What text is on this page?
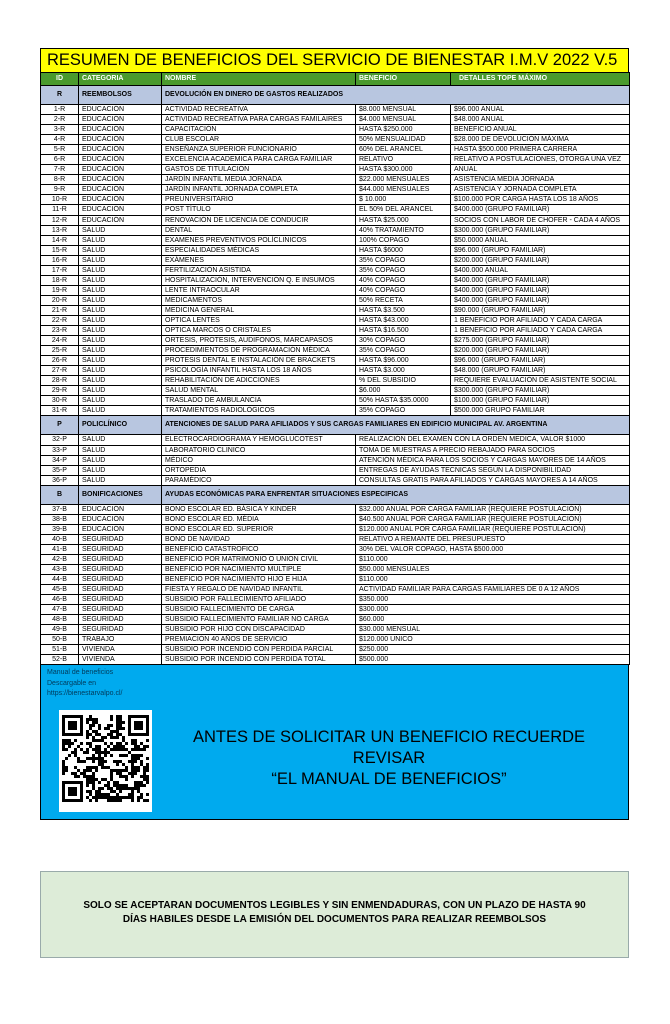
RESUMEN DE BENEFICIOS DEL SERVICIO DE BIENESTAR I.M.V 2022 V.5
ID	CATEGORIA	NOMBRE	BENEFICIO	DETALLES TOPE MÁXIMO
R	REEMBOLSOS	DEVOLUCIÓN EN DINERO DE GASTOS REALIZADOS		
1-R	EDUCACIÓN	ACTIVIDAD RECREATIVA	$8.000 MENSUAL	$96.000 ANUAL
2-R	EDUCACIÓN	ACTIVIDAD RECREATIVA PARA CARGAS FAMILAIRES	$4.000 MENSUAL	$48.000 ANUAL
3-R	EDUCACIÓN	CAPACITACIÓN	HASTA $250.000	BENEFICIO ANUAL
4-R	EDUCACIÓN	CLUB ESCOLAR	50% MENSUALIDAD	$28.000 DE DEVOLUCIÓN MÁXIMA
5-R	EDUCACIÓN	ENSEÑANZA SUPERIOR FUNCIONARIO	60% DEL ARANCEL	HASTA $500.000 PRIMERA CARRERA
6-R	EDUCACIÓN	EXCELENCIA ACADEMICA PARA CARGA FAMILIAR	RELATIVO	RELATIVO A POSTULACIONES, OTORGA UNA VEZ
7-R	EDUCACIÓN	GASTOS DE TITULACIÓN	HASTA $300.000	ANUAL
8-R	EDUCACIÓN	JARDÍN INFANTIL MEDIA JORNADA	$22.000 MENSUALES	ASISTENCIA MEDIA JORNADA
9-R	EDUCACIÓN	JARDÍN INFANTIL JORNADA COMPLETA	$44.000 MENSUALES	ASISTENCIA Y JORNADA COMPLETA
10-R	EDUCACIÓN	PREUNIVERSITARIO	$ 10.000	$100.000 POR CARGA HASTA LOS 18 AÑOS
11-R	EDUCACIÓN	POST TÍTULO	EL 50% DEL ARANCEL	$400.000 (GRUPO FAMILIAR)
12-R	EDUCACIÓN	RENOVACIÓN DE LICENCIA DE CONDUCIR	HASTA $25.000	SOCIOS CON LABOR DE CHOFER - CADA 4 AÑOS
13-R	SALUD	DENTAL	40% TRATAMIENTO	$300.000 (GRUPO FAMILIAR)
14-R	SALUD	EXAMENES PREVENTIVOS POLÍCLINICOS	100% COPAGO	$50.0000 ANUAL
15-R	SALUD	ESPECIALIDADES MÉDICAS	HASTA $6000	$96.000 (GRUPO FAMILIAR)
16-R	SALUD	EXÁMENES	35% COPAGO	$200.000 (GRUPO FAMILIAR)
17-R	SALUD	FERTILIZACIÓN ASISTIDA	35% COPAGO	$400.000 ANUAL
18-R	SALUD	HOSPITALIZACIÓN, INTERVENCIÓN Q. E INSUMOS	40% COPAGO	$400.000 (GRUPO FAMILIAR)
19-R	SALUD	LENTE INTRAOCULAR	40% COPAGO	$400.000 (GRUPO FAMILIAR)
20-R	SALUD	MEDICAMENTOS	50% RECETA	$400.000 (GRUPO FAMILIAR)
21-R	SALUD	MEDICINA GENERAL	HASTA $3.500	$90.000 (GRUPO FAMILIAR)
22-R	SALUD	OPTICA LENTES	HASTA $43.000	1 BENEFICIO POR AFILIADO Y CADA CARGA
23-R	SALUD	OPTICA MARCOS O CRISTALES	HASTA $16.500	1 BENEFICIO POR AFILIADO Y CADA CARGA
24-R	SALUD	ORTESIS, PROTESIS, AUDIFONOS, MARCAPASOS	30% COPAGO	$275.000 (GRUPO FAMILIAR)
25-R	SALUD	PROCEDIMIENTOS DE PROGRAMACIÓN MÉDICA	35% COPAGO	$200.000 (GRUPO FAMILIAR)
26-R	SALUD	PROTESIS DENTAL E INSTALACIÓN DE BRACKETS	HASTA $96.000	$96.000 (GRUPO FAMILIAR)
27-R	SALUD	PSICOLOGÍA INFANTIL HASTA LOS 18 AÑOS	HASTA $3.000	$48.000 (GRUPO FAMILIAR)
28-R	SALUD	REHABILITACIÓN DE ADICCIONES	% DEL SUBSIDIO	REQUIERE EVALUACIÓN DE ASISTENTE SOCIAL
29-R	SALUD	SALUD MENTAL	$6.000	$300.000 (GRUPO FAMILIAR)
30-R	SALUD	TRASLADO DE AMBULANCIA	50% HASTA $35.0000	$100.000 (GRUPO FAMILIAR)
31-R	SALUD	TRATAMIENTOS RADIOLÓGICOS	35% COPAGO	$500.000 GRUPO FAMILIAR
P	POLICLÍNICO	ATENCIONES DE SALUD PARA AFILIADOS Y SUS CARGAS FAMILIARES EN EDIFICIO MUNICIPAL AV. ARGENTINA		
32-P	SALUD	ELECTROCARDIOGRAMA Y HEMOGLUCOTEST	REALIZACIÓN DEL EXAMEN CON LA ORDEN MEDICA, VALOR $1000	
33-P	SALUD	LABORATORIO CLINICO	TOMA DE MUESTRAS A PRECIO REBAJADO PARA SOCIOS	
34-P	SALUD	MÉDICO	ATENCIÓN MÉDICA PARA LOS SOCIOS Y CARGAS MAYORES DE 14 AÑOS	
35-P	SALUD	ORTOPEDIA	ENTREGAS DE AYUDAS TECNICAS SEGÚN LA DISPONIBILIDAD	
36-P	SALUD	PARAMÉDICO	CONSULTAS GRATIS PARA AFILIADOS Y CARGAS MAYORES A 14 AÑOS	
B	BONIFICACIONES	AYUDAS ECONÓMICAS PARA ENFRENTAR SITUACIONES ESPECIFICAS		
37-B	EDUCACIÓN	BONO ESCOLAR ED. BÁSICA Y KINDER	$32.000 ANUAL POR CARGA FAMILIAR (REQUIERE POSTULACIÓN)	
38-B	EDUCACIÓN	BONO ESCOLAR ED. MÉDIA	$40.500 ANUAL POR CARGA FAMILIAR (REQUIERE POSTULACIÓN)	
39-B	EDUCACIÓN	BONO ESCOLAR ED. SUPERIOR	$120.000 ANUAL POR CARGA FAMILIAR (REQUIERE POSTULACIÓN)	
40-B	SEGURIDAD	BONO DE NAVIDAD	RELATIVO A REMANTE DEL PRESUPUESTO	
41-B	SEGURIDAD	BENEFICIO CATASTROFICO	30% DEL VALOR COPAGO, HASTA $500.000	
42-B	SEGURIDAD	BENEFICIO POR MATRIMONIO O UNION CIVIL	$110.000	
43-B	SEGURIDAD	BENEFICIO POR NACIMIENTO MULTIPLE	$50.000 MENSUALES	
44-B	SEGURIDAD	BENEFICIO POR NACIMIENTO HIJO E HIJA	$110.000	
45-B	SEGURIDAD	FIESTA Y REGALO DE NAVIDAD INFANTIL	ACTIVIDAD FAMILIAR PARA CARGAS FAMILIARES DE 0 A 12 AÑOS	
46-B	SEGURIDAD	SUBSIDIO POR FALLECIMIENTO AFILIADO	$350.000	
47-B	SEGURIDAD	SUBSIDIO FALLECIMIENTO DE CARGA	$300.000	
48-B	SEGURIDAD	SUBSIDIO FALLECIMIENTO FAMILIAR NO CARGA	$60.000	
49-B	SEGURIDAD	SUBSIDIO POR HIJO CON DISCAPACIDAD	$30.000 MENSUAL	
50-B	TRABAJO	PREMIACIÓN 40 AÑOS DE SERVICIO	$120.000 UNICO	
51-B	VIVIENDA	SUBSIDIO POR INCENDIO CON PERDIDA PARCIAL	$250.000	
52-B	VIVIENDA	SUBSIDIO POR INCENDIO CON PERDIDA TOTAL	$500.000	
Manual de beneficios
Descargable en
https://bienestarvalpo.cl/
ANTES DE SOLICITAR UN BENEFICIO RECUERDE REVISAR
“EL MANUAL DE BENEFICIOS”
SOLO SE ACEPTARAN DOCUMENTOS LEGIBLES Y SIN ENMENDADURAS, CON UN PLAZO DE HASTA 90
DÍAS HABILES DESDE LA EMISIÓN DEL DOCUMENTOS PARA REALIZAR REEMBOLSOS
